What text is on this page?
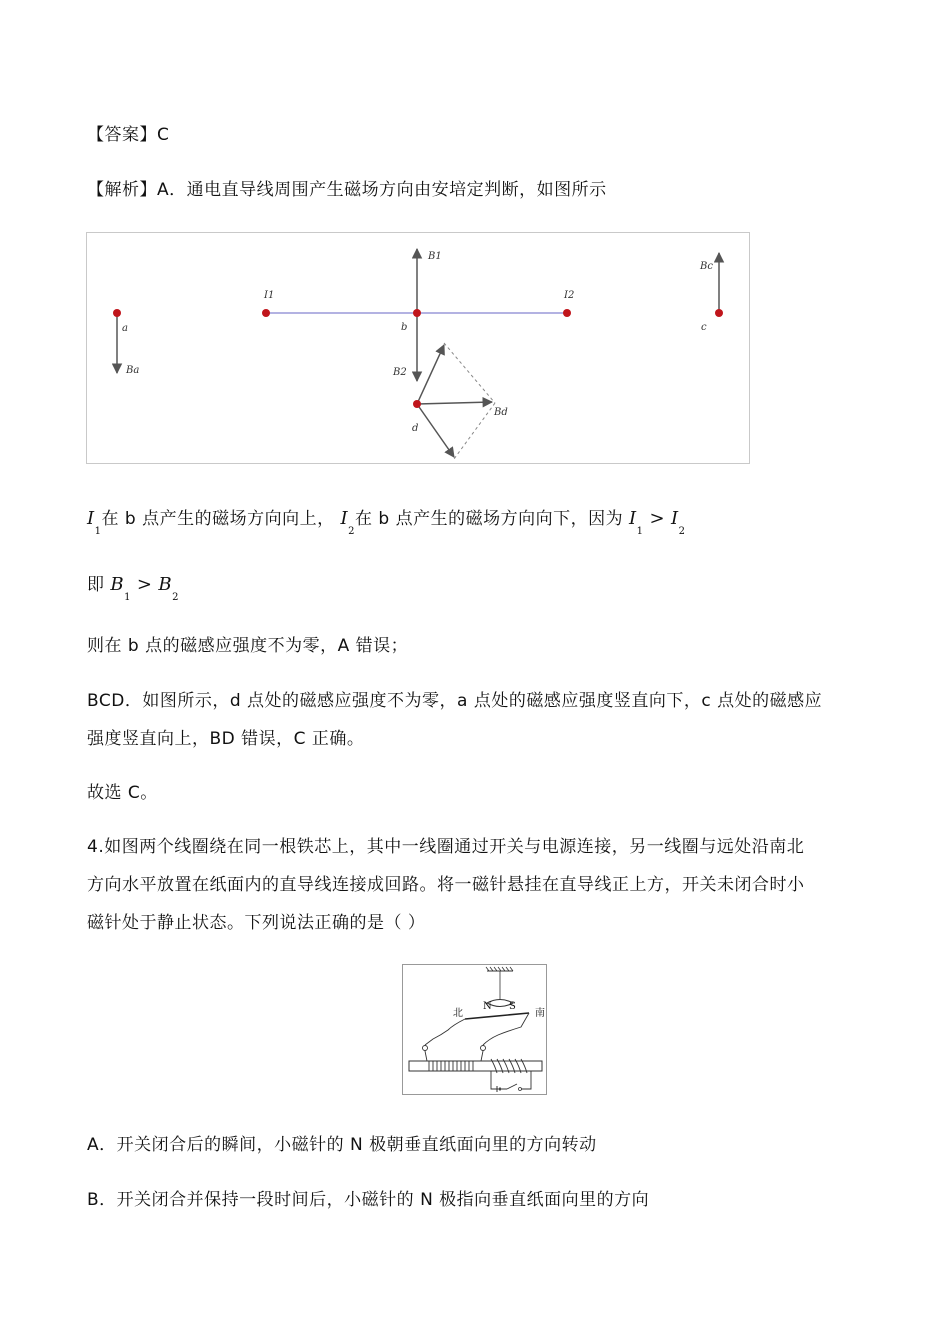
【答案】C
【解析】A．通电直导线周围产生磁场方向由安培定判断，如图所示
a
Ba
I1
b
B1
B2
I2
Bc
c
d
Bd
$I_1$在 b 点产生的磁场方向向上， $I_2$在 b 点产生的磁场方向向下，因为 $I_1 > I_2$
即 $B_1 > B_2$
则在 b 点的磁感应强度不为零，A 错误；
BCD．如图所示，d 点处的磁感应强度不为零，a 点处的磁感应强度竖直向下，c 点处的磁感应
强度竖直向上，BD 错误，C 正确。
故选 C。
4.如图两个线圈绕在同一根铁芯上，其中一线圈通过开关与电源连接，另一线圈与远处沿南北
方向水平放置在纸面内的直导线连接成回路。将一磁针悬挂在直导线正上方，开关未闭合时小
磁针处于静止状态。下列说法正确的是（ ）
N S
北	南
A．开关闭合后的瞬间，小磁针的 N 极朝垂直纸面向里的方向转动
B．开关闭合并保持一段时间后，小磁针的 N 极指向垂直纸面向里的方向
